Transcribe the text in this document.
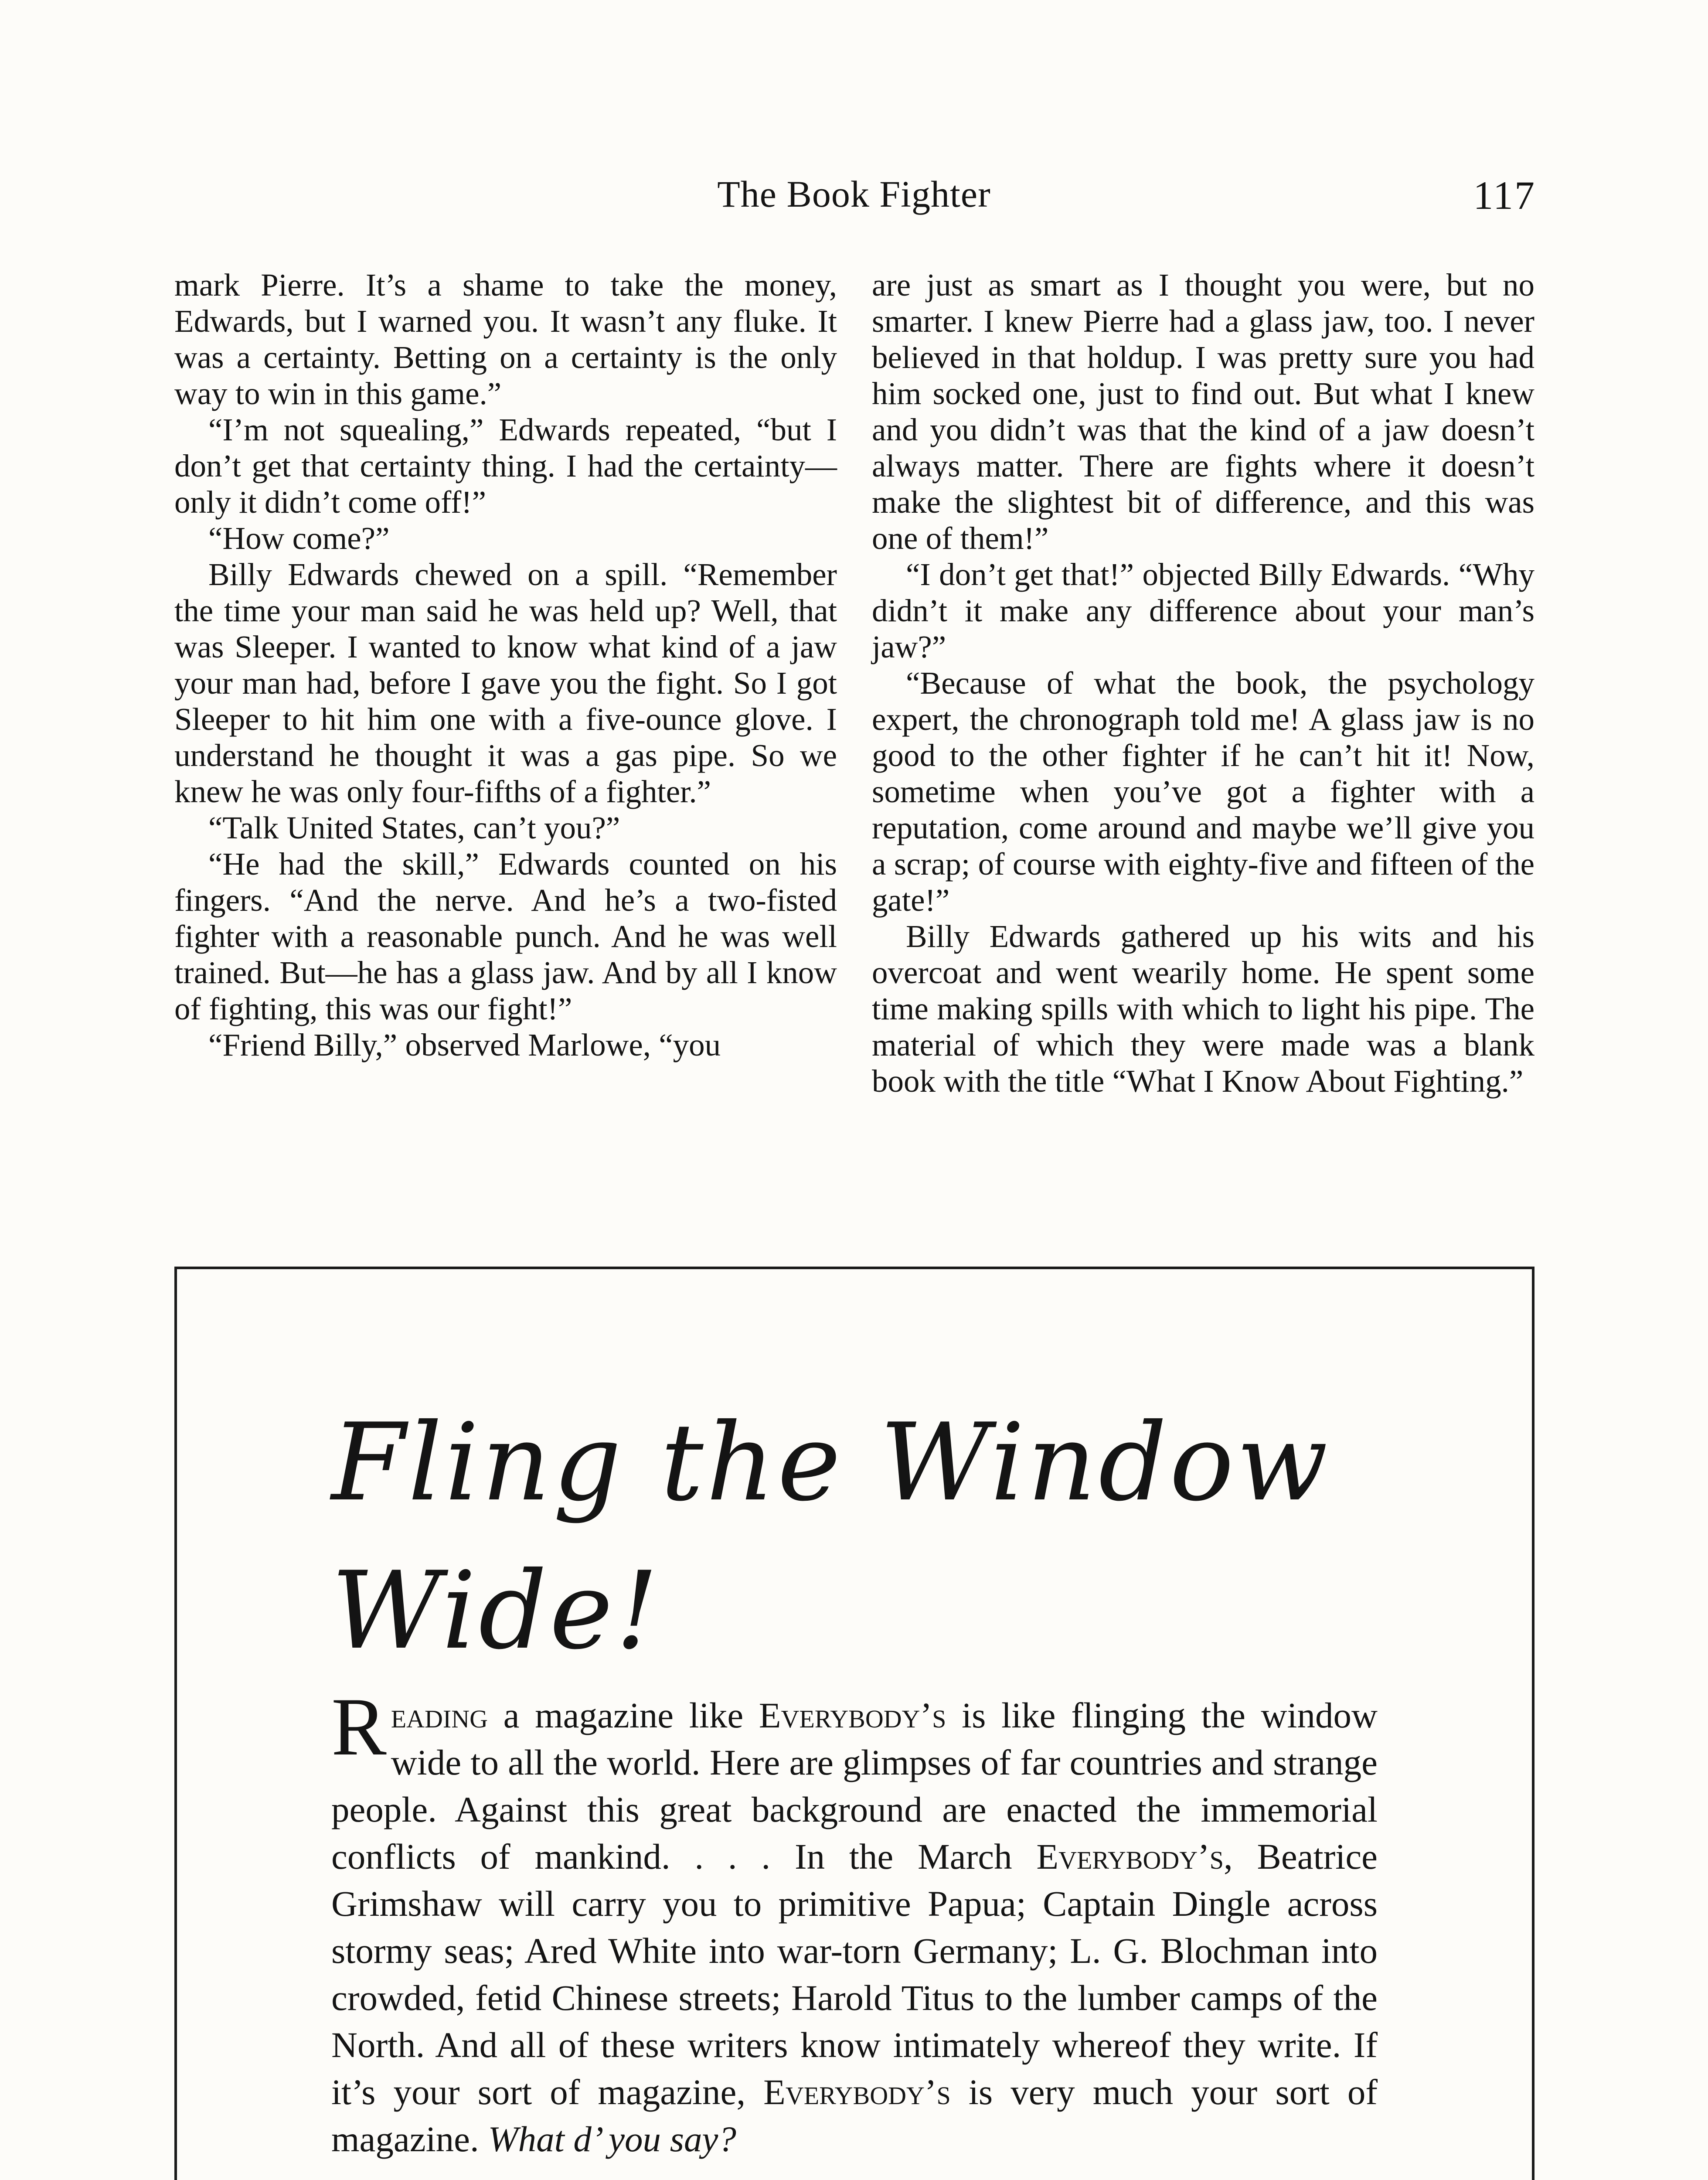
The Book Fighter	117

mark Pierre. It’s a shame to take the money, Edwards, but I warned you. It wasn’t any fluke. It was a certainty. Betting on a certainty is the only way to win in this game.”

“I’m not squealing,” Edwards repeated, “but I don’t get that certainty thing. I had the certainty—only it didn’t come off!”

“How come?”

Billy Edwards chewed on a spill. “Remember the time your man said he was held up? Well, that was Sleeper. I wanted to know what kind of a jaw your man had, before I gave you the fight. So I got Sleeper to hit him one with a five-ounce glove. I understand he thought it was a gas pipe. So we knew he was only four-fifths of a fighter.”

“Talk United States, can’t you?”

“He had the skill,” Edwards counted on his fingers. “And the nerve. And he’s a two-fisted fighter with a reasonable punch. And he was well trained. But—he has a glass jaw. And by all I know of fighting, this was our fight!”

“Friend Billy,” observed Marlowe, “you

are just as smart as I thought you were, but no smarter. I knew Pierre had a glass jaw, too. I never believed in that holdup. I was pretty sure you had him socked one, just to find out. But what I knew and you didn’t was that the kind of a jaw doesn’t always matter. There are fights where it doesn’t make the slightest bit of difference, and this was one of them!”

“I don’t get that!” objected Billy Edwards. “Why didn’t it make any difference about your man’s jaw?”

“Because of what the book, the psychology expert, the chronograph told me! A glass jaw is no good to the other fighter if he can’t hit it! Now, sometime when you’ve got a fighter with a reputation, come around and maybe we’ll give you a scrap; of course with eighty-five and fifteen of the gate!”

Billy Edwards gathered up his wits and his overcoat and went wearily home. He spent some time making spills with which to light his pipe. The material of which they were made was a blank book with the title “What I Know About Fighting.”

Fling the Window
Wide!

Reading a magazine like Everybody’s is like flinging the window wide to all the world. Here are glimpses of far countries and strange people. Against this great background are enacted the immemorial conflicts of mankind. . . . In the March Everybody’s, Beatrice Grimshaw will carry you to primitive Papua; Captain Dingle across stormy seas; Ared White into war-torn Germany; L. G. Blochman into crowded, fetid Chinese streets; Harold Titus to the lumber camps of the North. And all of these writers know intimately whereof they write. If it’s your sort of magazine, Everybody’s is very much your sort of magazine. What d’ you say?
